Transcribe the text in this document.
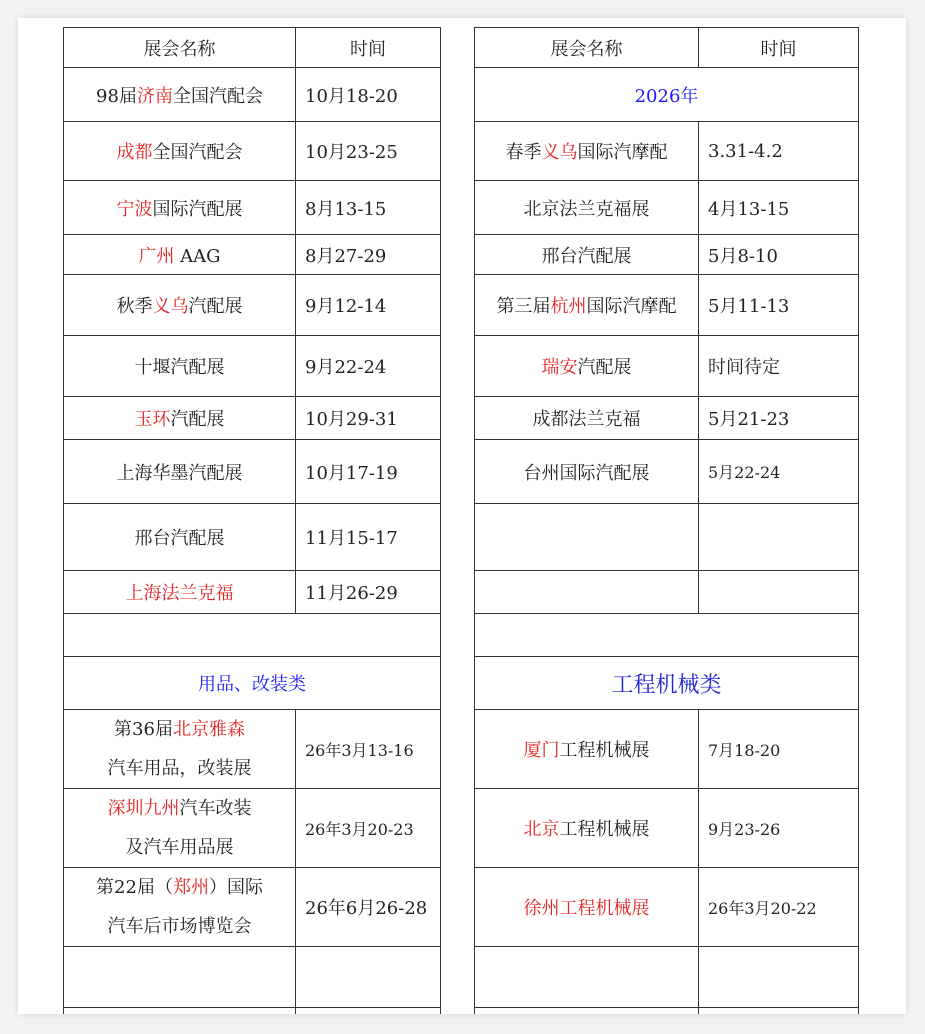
展会名称	时间
98届济南全国汽配会	10月18-20
成都全国汽配会	10月23-25
宁波国际汽配展	8月13-15
广州 AAG	8月27-29
秋季义乌汽配展	9月12-14
十堰汽配展	9月22-24
玉环汽配展	10月29-31
上海华墨汽配展	10月17-19
邢台汽配展	11月15-17
上海法兰克福	11月26-29

用品、改装类	
第36届北京雅森
汽车用品，改装展	26年3月13-16
深圳九州汽车改装
及汽车用品展	26年3月20-23
第22届（郑州）国际
汽车后市场博览会	26年6月26-28

展会名称	时间
2026年	
春季义乌国际汽摩配	3.31-4.2
北京法兰克福展	4月13-15
邢台汽配展	5月8-10
第三届杭州国际汽摩配	5月11-13
瑞安汽配展	时间待定
成都法兰克福	5月21-23
台州国际汽配展	5月22-24

工程机械类	
厦门工程机械展	7月18-20
北京工程机械展	9月23-26
徐州工程机械展	26年3月20-22
